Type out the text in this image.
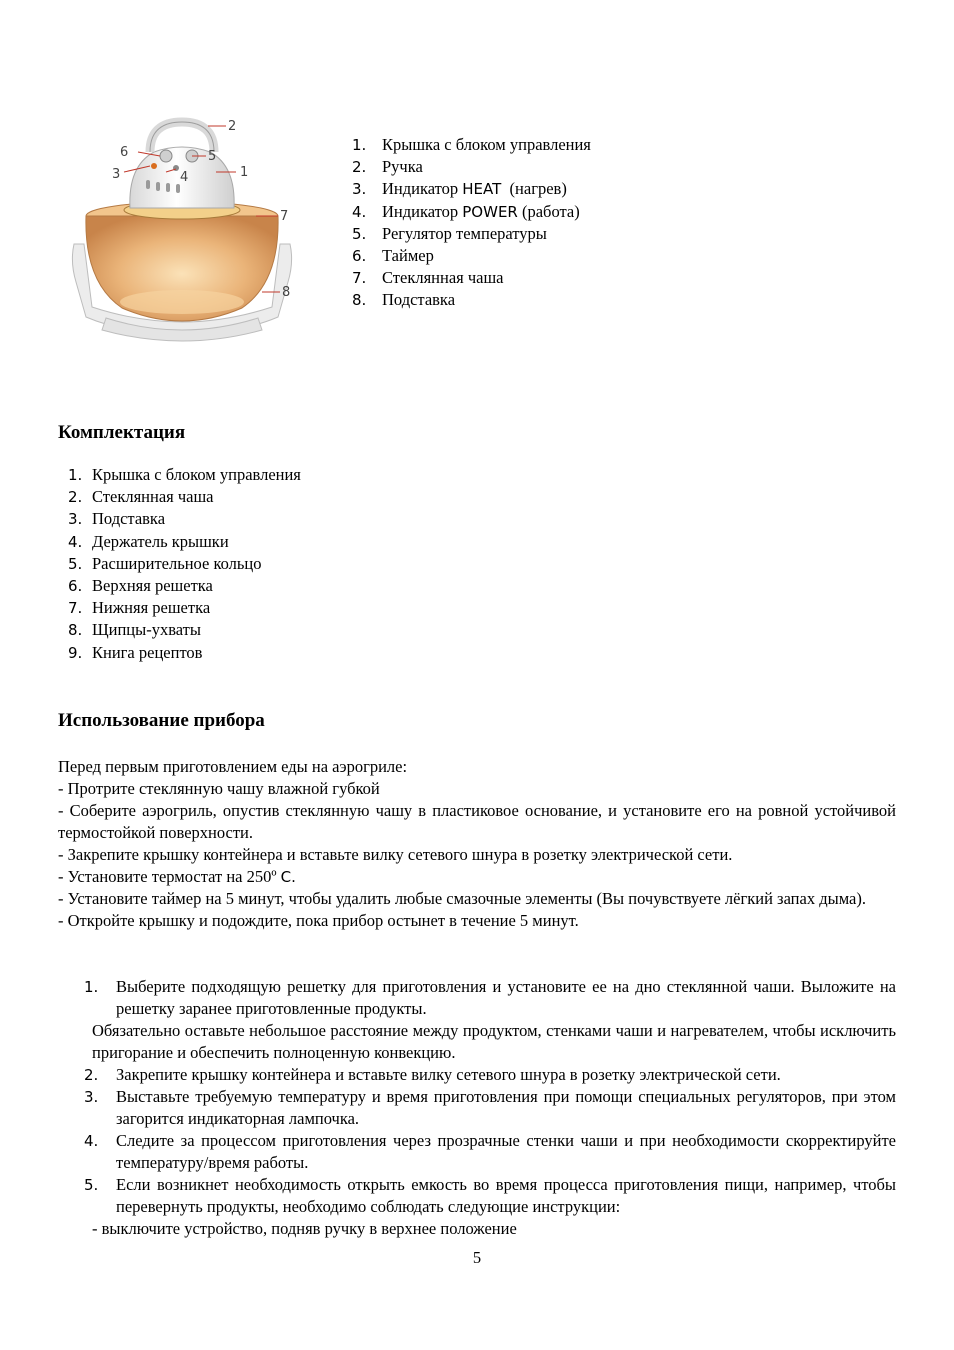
2
6	5
3	4	1
7
8
1. Крышка с блоком управления
2. Ручка
3. Индикатор HEAT  (нагрев)
4. Индикатор POWER (работа)
5. Регулятор температуры
6. Таймер
7. Стеклянная чаша
8. Подставка
Комплектация
1. Крышка с блоком управления
2. Стеклянная чаша
3. Подставка
4. Держатель крышки
5. Расширительное кольцо
6. Верхняя решетка
7. Нижняя решетка
8. Щипцы-ухваты
9. Книга рецептов
Использование прибора

Перед первым приготовлением еды на аэрогриле:

- Протрите стеклянную чашу влажной губкой

- Соберите аэрогриль, опустив стеклянную чашу в пластиковое основание, и установите его на ровной устойчивой термостойкой поверхности.

- Закрепите крышку контейнера и вставьте вилку сетевого шнура в розетку электрической сети.

- Установите термостат на 250º C.

- Установите таймер на 5 минут, чтобы удалить любые смазочные элементы (Вы почувствуете лёгкий запах дыма).

- Откройте крышку и подождите, пока прибор остынет в течение 5 минут.

1.	Выберите подходящую решетку для приготовления и установите ее на дно стеклянной чаши. Выложите на решетку заранее приготовленные продукты.
Обязательно оставьте небольшое расстояние между продуктом, стенками чаши и нагревателем, чтобы исключить пригорание и обеспечить полноценную конвекцию.
2.	Закрепите крышку контейнера и вставьте вилку сетевого шнура в розетку электрической сети.
3.	Выставьте требуемую температуру и время приготовления при помощи специальных регуляторов, при этом загорится индикаторная лампочка.
4.	Следите за процессом приготовления через прозрачные стенки чаши и при необходимости скорректируйте температуру/время работы.
5.	Если возникнет необходимость открыть емкость во время процесса приготовления пищи, например, чтобы перевернуть продукты, необходимо соблюдать следующие инструкции:
- выключите устройство, подняв ручку в верхнее положение
5
